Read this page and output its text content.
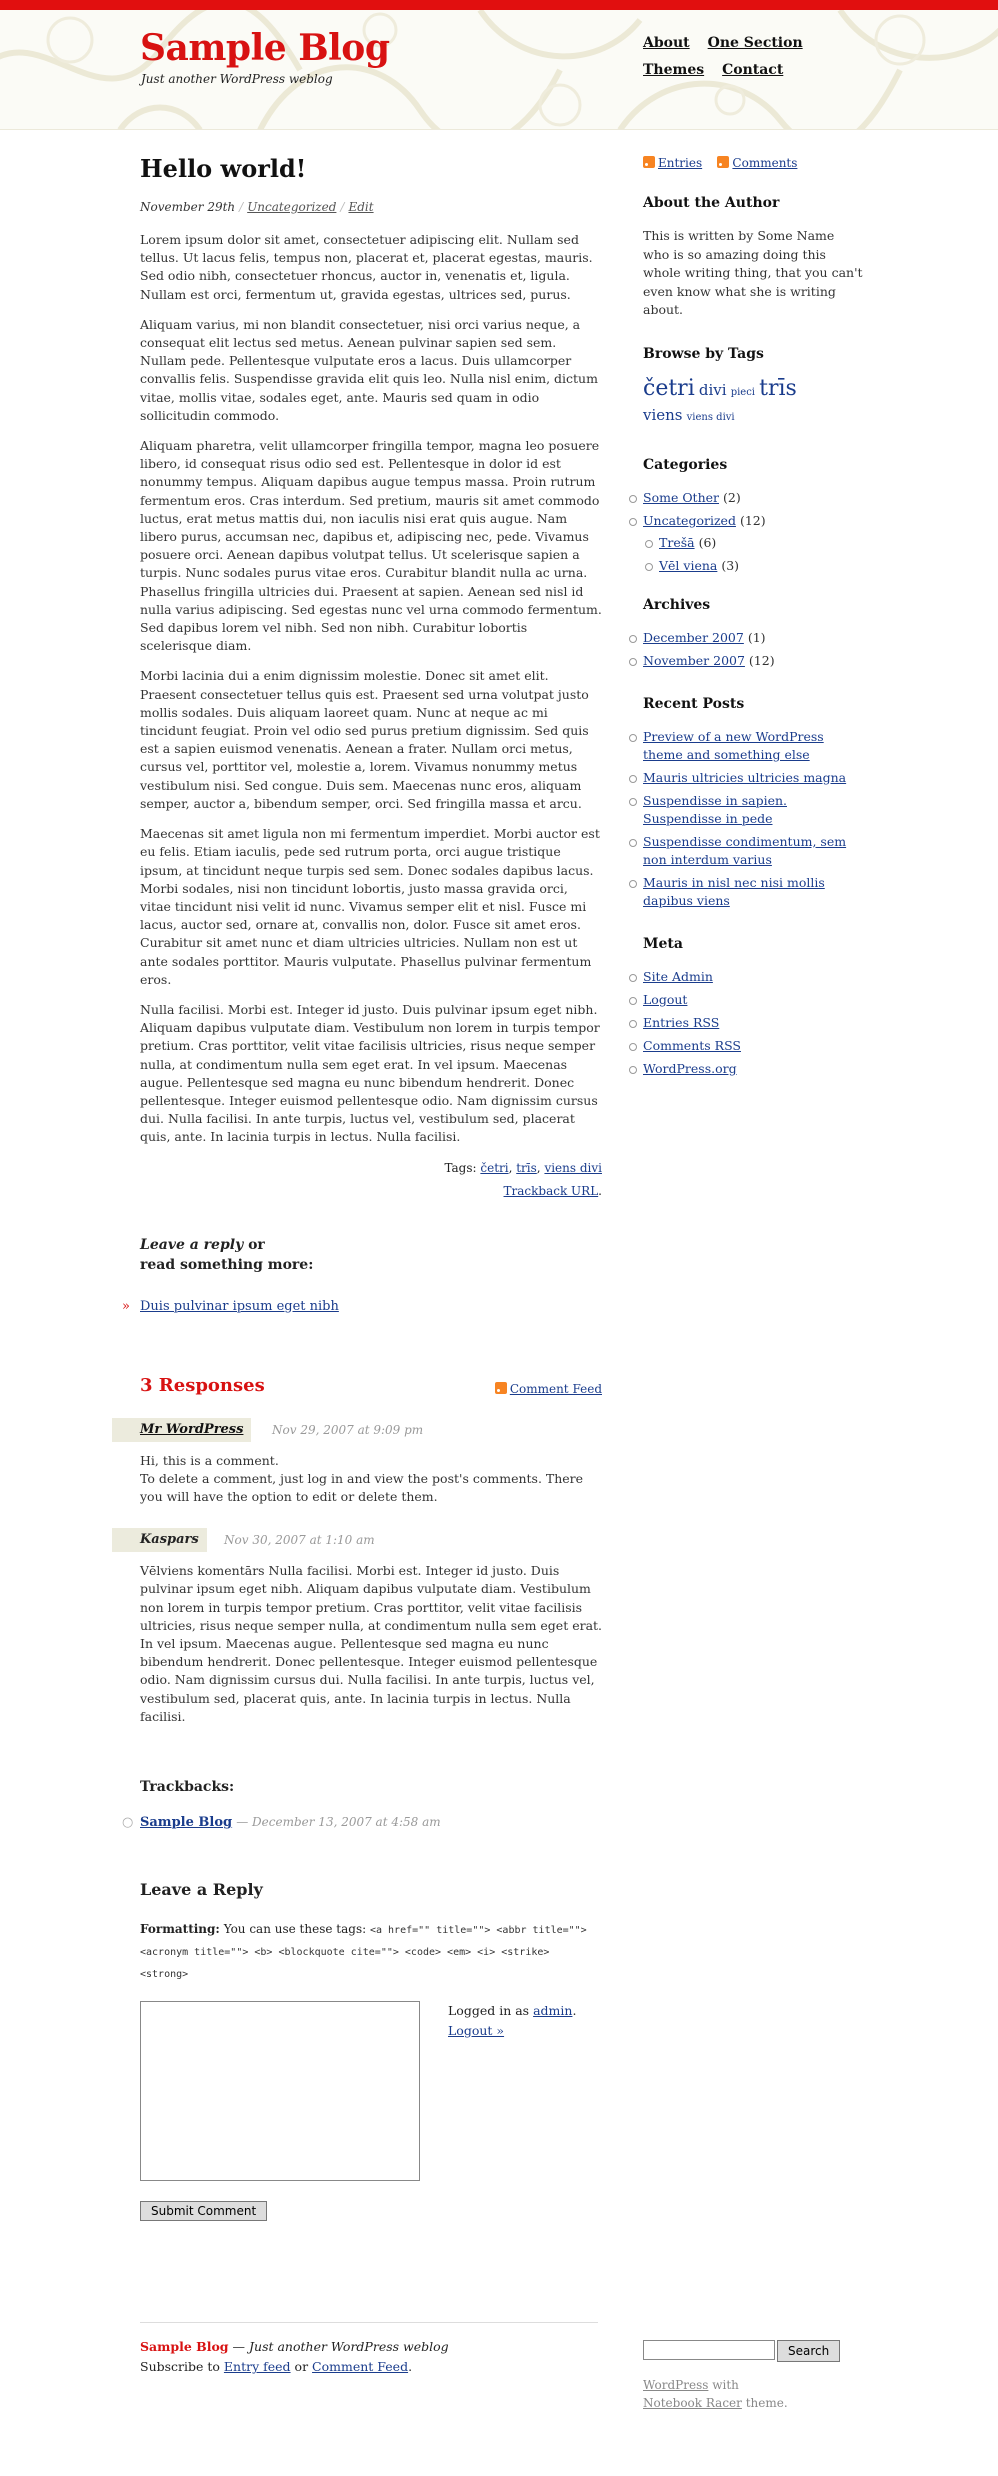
Sample Blog
Just another WordPress weblog
About One Section
Themes Contact
Hello world!
November 29th / Uncategorized / Edit

Lorem ipsum dolor sit amet, consectetuer adipiscing elit. Nullam sed tellus. Ut lacus felis, tempus non, placerat et, placerat egestas, mauris. Sed odio nibh, consectetuer rhoncus, auctor in, venenatis et, ligula. Nullam est orci, fermentum ut, gravida egestas, ultrices sed, purus.

Aliquam varius, mi non blandit consectetuer, nisi orci varius neque, a consequat elit lectus sed metus. Aenean pulvinar sapien sed sem. Nullam pede. Pellentesque vulputate eros a lacus. Duis ullamcorper convallis felis. Suspendisse gravida elit quis leo. Nulla nisl enim, dictum vitae, mollis vitae, sodales eget, ante. Mauris sed quam in odio sollicitudin commodo.

Aliquam pharetra, velit ullamcorper fringilla tempor, magna leo posuere libero, id consequat risus odio sed est. Pellentesque in dolor id est nonummy tempus. Aliquam dapibus augue tempus massa. Proin rutrum fermentum eros. Cras interdum. Sed pretium, mauris sit amet commodo luctus, erat metus mattis dui, non iaculis nisi erat quis augue. Nam libero purus, accumsan nec, dapibus et, adipiscing nec, pede. Vivamus posuere orci. Aenean dapibus volutpat tellus. Ut scelerisque sapien a turpis. Nunc sodales purus vitae eros. Curabitur blandit nulla ac urna. Phasellus fringilla ultricies dui. Praesent at sapien. Aenean sed nisl id nulla varius adipiscing. Sed egestas nunc vel urna commodo fermentum. Sed dapibus lorem vel nibh. Sed non nibh. Curabitur lobortis scelerisque diam.

Morbi lacinia dui a enim dignissim molestie. Donec sit amet elit. Praesent consectetuer tellus quis est. Praesent sed urna volutpat justo mollis sodales. Duis aliquam laoreet quam. Nunc at neque ac mi tincidunt feugiat. Proin vel odio sed purus pretium dignissim. Sed quis est a sapien euismod venenatis. Aenean a frater. Nullam orci metus, cursus vel, porttitor vel, molestie a, lorem. Vivamus nonummy metus vestibulum nisi. Sed congue. Duis sem. Maecenas nunc eros, aliquam semper, auctor a, bibendum semper, orci. Sed fringilla massa et arcu.

Maecenas sit amet ligula non mi fermentum imperdiet. Morbi auctor est eu felis. Etiam iaculis, pede sed rutrum porta, orci augue tristique ipsum, at tincidunt neque turpis sed sem. Donec sodales dapibus lacus. Morbi sodales, nisi non tincidunt lobortis, justo massa gravida orci, vitae tincidunt nisi velit id nunc. Vivamus semper elit et nisl. Fusce mi lacus, auctor sed, ornare at, convallis non, dolor. Fusce sit amet eros. Curabitur sit amet nunc et diam ultricies ultricies. Nullam non est ut ante sodales porttitor. Mauris vulputate. Phasellus pulvinar fermentum eros.

Nulla facilisi. Morbi est. Integer id justo. Duis pulvinar ipsum eget nibh. Aliquam dapibus vulputate diam. Vestibulum non lorem in turpis tempor pretium. Cras porttitor, velit vitae facilisis ultricies, risus neque semper nulla, at condimentum nulla sem eget erat. In vel ipsum. Maecenas augue. Pellentesque sed magna eu nunc bibendum hendrerit. Donec pellentesque. Integer euismod pellentesque odio. Nam dignissim cursus dui. Nulla facilisi. In ante turpis, luctus vel, vestibulum sed, placerat quis, ante. In lacinia turpis in lectus. Nulla facilisi.

Tags: četri, trīs, viens divi
Trackback URL.
Leave a reply or
read something more:
» Duis pulvinar ipsum eget nibh
3 Responses	Comment Feed
Mr WordPress	Nov 29, 2007 at 9:09 pm
Hi, this is a comment.
To delete a comment, just log in and view the post's comments. There you will have the option to edit or delete them.
Kaspars	Nov 30, 2007 at 1:10 am
Vēlviens komentārs Nulla facilisi. Morbi est. Integer id justo. Duis pulvinar ipsum eget nibh. Aliquam dapibus vulputate diam. Vestibulum non lorem in turpis tempor pretium. Cras porttitor, velit vitae facilisis ultricies, risus neque semper nulla, at condimentum nulla sem eget erat. In vel ipsum. Maecenas augue. Pellentesque sed magna eu nunc bibendum hendrerit. Donec pellentesque. Integer euismod pellentesque odio. Nam dignissim cursus dui. Nulla facilisi. In ante turpis, luctus vel, vestibulum sed, placerat quis, ante. In lacinia turpis in lectus. Nulla facilisi.
Trackbacks:
○ Sample Blog — December 13, 2007 at 4:58 am
Leave a Reply
Formatting: You can use these tags: <a href="" title=""> <abbr title=""> <acronym title=""> <b> <blockquote cite=""> <code> <em> <i> <strike> <strong>
Logged in as admin.
Logout »
Submit Comment
Entries	Comments
About the Author

This is written by Some Name who is so amazing doing this whole writing thing, that you can't even know what she is writing about.

Browse by Tags
četri divi pieci trīs
viens viens divi
Categories
Some Other (2)
Uncategorized (12)
Trešā (6)
Vēl viena (3)
Archives
December 2007 (1)
November 2007 (12)
Recent Posts
Preview of a new WordPress theme and something else
Mauris ultricies ultricies magna
Suspendisse in sapien. Suspendisse in pede
Suspendisse condimentum, sem non interdum varius
Mauris in nisl nec nisi mollis dapibus viens
Meta
Site Admin
Logout
Entries RSS
Comments RSS
WordPress.org
Sample Blog — Just another WordPress weblog
Subscribe to Entry feed or Comment Feed.
Search
WordPress with
Notebook Racer theme.
